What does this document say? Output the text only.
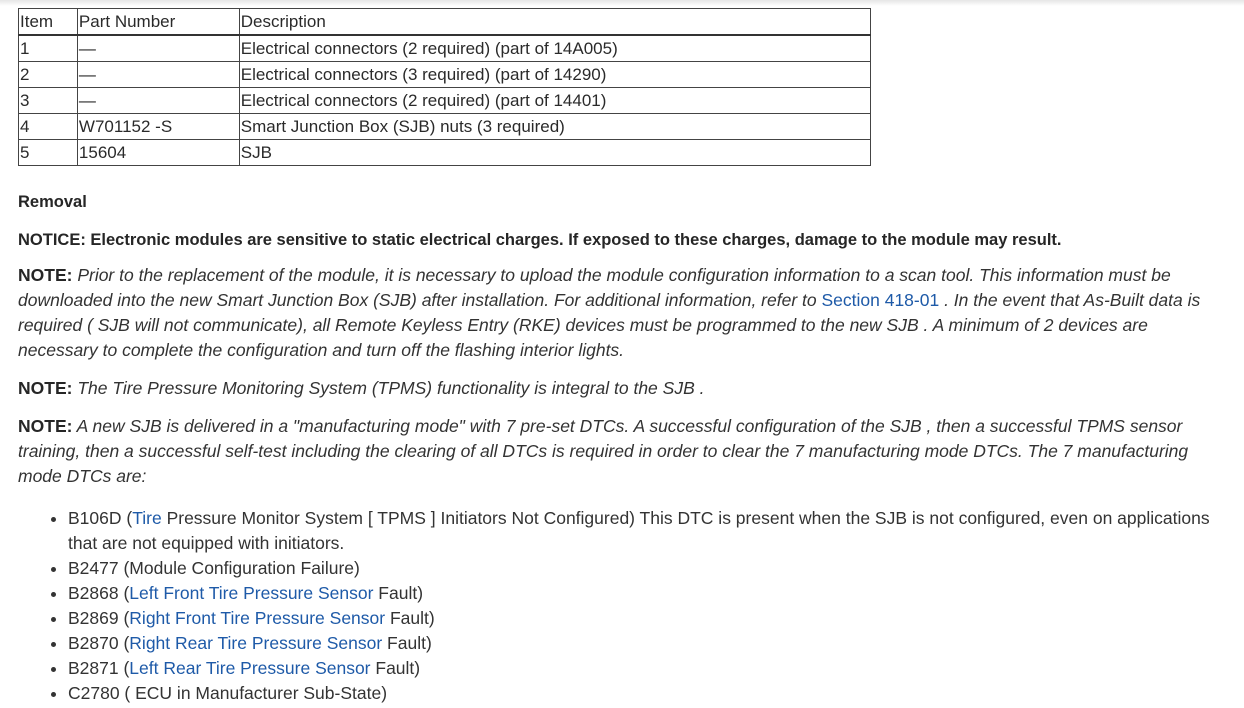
Item	Part Number	Description
1	—	Electrical connectors (2 required) (part of 14A005)
2	—	Electrical connectors (3 required) (part of 14290)
3	—	Electrical connectors (2 required) (part of 14401)
4	W701152 -S	Smart Junction Box (SJB) nuts (3 required)
5	15604	SJB
Removal
NOTICE: Electronic modules are sensitive to static electrical charges. If exposed to these charges, damage to the module may result.

NOTE: Prior to the replacement of the module, it is necessary to upload the module configuration information to a scan tool. This information must be downloaded into the new Smart Junction Box (SJB) after installation. For additional information, refer to Section 418-01 . In the event that As-Built data is required ( SJB will not communicate), all Remote Keyless Entry (RKE) devices must be programmed to the new SJB . A minimum of 2 devices are necessary to complete the configuration and turn off the flashing interior lights.

NOTE: The Tire Pressure Monitoring System (TPMS) functionality is integral to the SJB .

NOTE: A new SJB is delivered in a "manufacturing mode" with 7 pre-set DTCs. A successful configuration of the SJB , then a successful TPMS sensor training, then a successful self-test including the clearing of all DTCs is required in order to clear the 7 manufacturing mode DTCs. The 7 manufacturing mode DTCs are:

• B106D (Tire Pressure Monitor System [ TPMS ] Initiators Not Configured) This DTC is present when the SJB is not configured, even on applications that are not equipped with initiators.
• B2477 (Module Configuration Failure)
• B2868 (Left Front Tire Pressure Sensor Fault)
• B2869 (Right Front Tire Pressure Sensor Fault)
• B2870 (Right Rear Tire Pressure Sensor Fault)
• B2871 (Left Rear Tire Pressure Sensor Fault)
• C2780 ( ECU in Manufacturer Sub-State)
